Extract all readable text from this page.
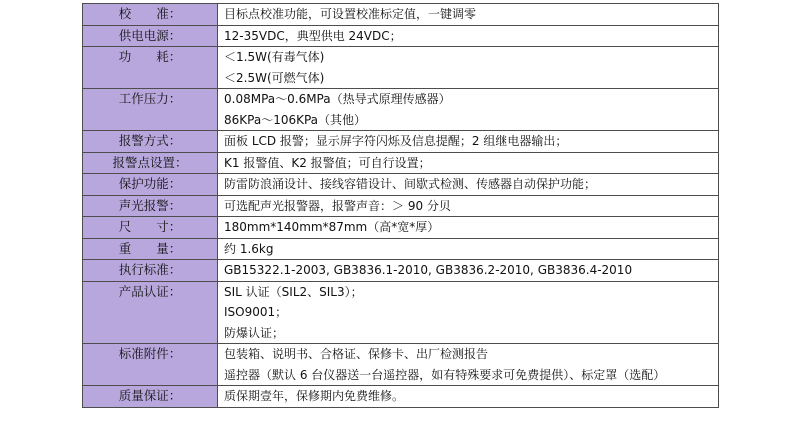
校　　准：	目标点校准功能，可设置校准标定值，一键调零

供电电源：	12-35VDC，典型供电 24VDC；

功　　耗：	＜1.5W(有毒气体)
＜2.5W(可燃气体)

工作压力：	0.08MPa～0.6MPa（热导式原理传感器）
86KPa～106KPa（其他）

报警方式：	面板 LCD 报警；显示屏字符闪烁及信息提醒；2 组继电器输出；

报警点设置：	K1 报警值、K2 报警值；可自行设置；

保护功能：	防雷防浪涌设计、接线容错设计、间歇式检测、传感器自动保护功能；

声光报警：	可选配声光报警器，报警声音：＞ 90 分贝

尺　　寸：	180mm*140mm*87mm（高*宽*厚）

重　　量：	约 1.6kg

执行标准：	GB15322.1-2003, GB3836.1-2010, GB3836.2-2010, GB3836.4-2010

产品认证：	SIL 认证（SIL2、SIL3）；
ISO9001；
防爆认证；

标准附件：	包装箱、说明书、合格证、保修卡、出厂检测报告
遥控器（默认 6 台仪器送一台遥控器，如有特殊要求可免费提供）、标定罩（选配）

质量保证：	质保期壹年，保修期内免费维修。
